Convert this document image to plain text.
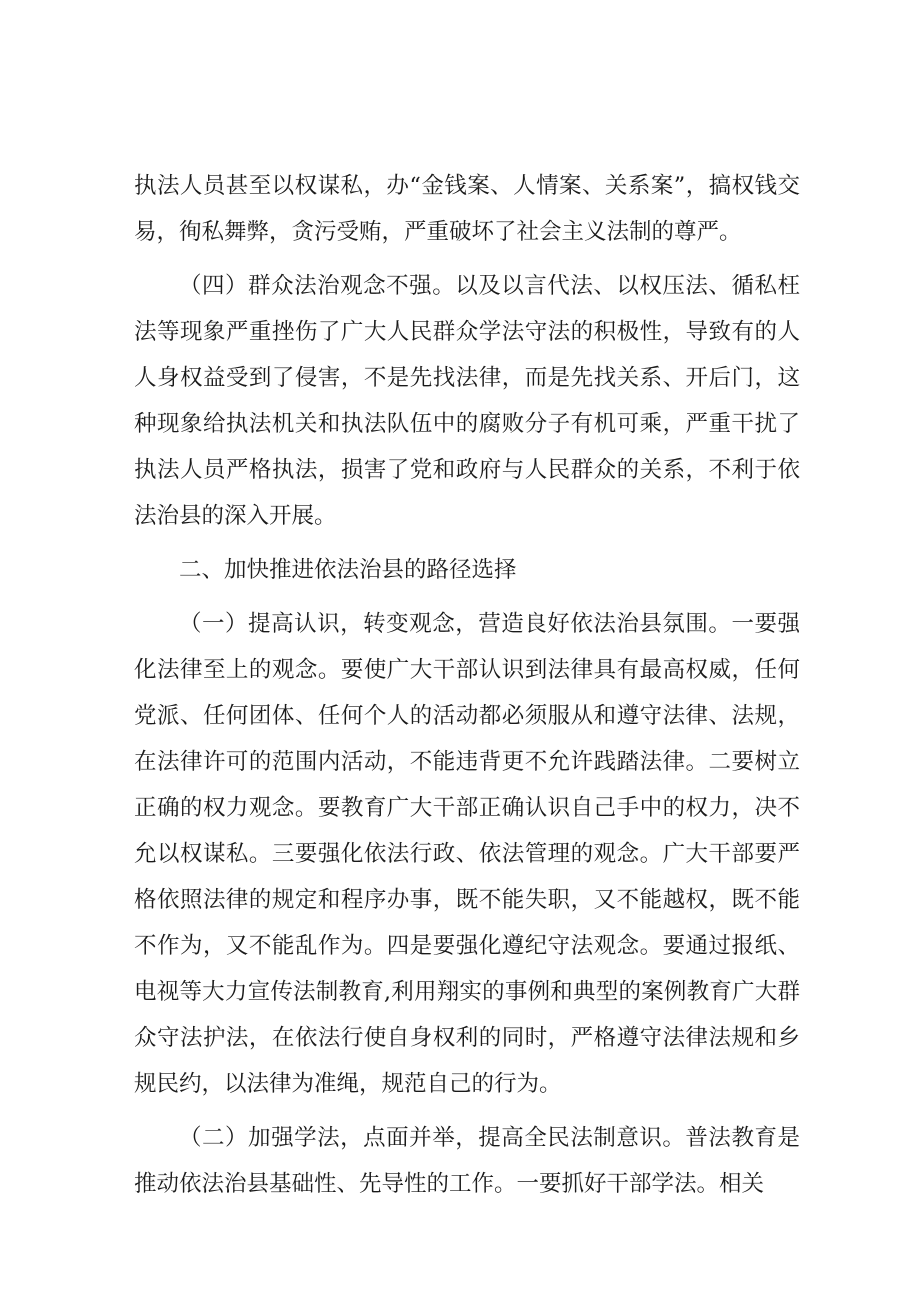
执法人员甚至以权谋私，办“金钱案、人情案、关系案”，搞权钱交易，徇私舞弊，贪污受贿，严重破坏了社会主义法制的尊严。

（四）群众法治观念不强。以及以言代法、以权压法、循私枉法等现象严重挫伤了广大人民群众学法守法的积极性，导致有的人人身权益受到了侵害，不是先找法律，而是先找关系、开后门，这种现象给执法机关和执法队伍中的腐败分子有机可乘，严重干扰了执法人员严格执法，损害了党和政府与人民群众的关系，不利于依法治县的深入开展。

二、加快推进依法治县的路径选择

（一）提高认识，转变观念，营造良好依法治县氛围。一要强化法律至上的观念。要使广大干部认识到法律具有最高权威，任何党派、任何团体、任何个人的活动都必须服从和遵守法律、法规，在法律许可的范围内活动，不能违背更不允许践踏法律。二要树立正确的权力观念。要教育广大干部正确认识自己手中的权力，决不允以权谋私。三要强化依法行政、依法管理的观念。广大干部要严格依照法律的规定和程序办事，既不能失职，又不能越权，既不能不作为，又不能乱作为。四是要强化遵纪守法观念。要通过报纸、电视等大力宣传法制教育,利用翔实的事例和典型的案例教育广大群众守法护法，在依法行使自身权利的同时，严格遵守法律法规和乡规民约，以法律为准绳，规范自己的行为。

（二）加强学法，点面并举，提高全民法制意识。普法教育是推动依法治县基础性、先导性的工作。一要抓好干部学法。相关
